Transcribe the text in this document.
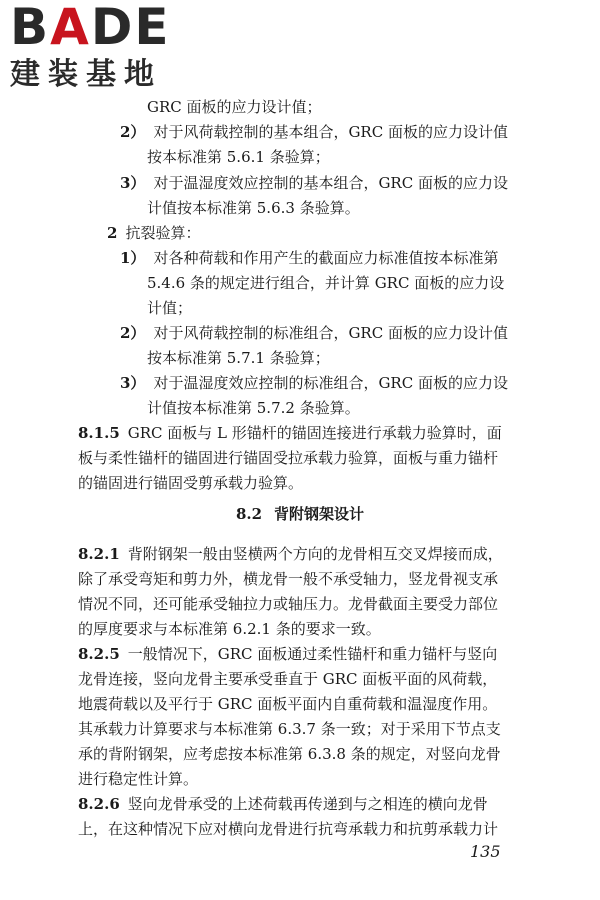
BADE
建装基地
GRC 面板的应力设计值；
2） 对于风荷载控制的基本组合，GRC 面板的应力设计值
按本标准第 5.6.1 条验算；
3） 对于温湿度效应控制的基本组合，GRC 面板的应力设
计值按本标准第 5.6.3 条验算。
2 抗裂验算：
1） 对各种荷载和作用产生的截面应力标准值按本标准第
5.4.6 条的规定进行组合，并计算 GRC 面板的应力设
计值；
2） 对于风荷载控制的标准组合，GRC 面板的应力设计值
按本标准第 5.7.1 条验算；
3） 对于温湿度效应控制的标准组合，GRC 面板的应力设
计值按本标准第 5.7.2 条验算。
8.1.5 GRC 面板与 L 形锚杆的锚固连接进行承载力验算时，面
板与柔性锚杆的锚固进行锚固受拉承载力验算，面板与重力锚杆
的锚固进行锚固受剪承载力验算。
8.2 背附钢架设计
8.2.1 背附钢架一般由竖横两个方向的龙骨相互交叉焊接而成，
除了承受弯矩和剪力外，横龙骨一般不承受轴力，竖龙骨视支承
情况不同，还可能承受轴拉力或轴压力。龙骨截面主要受力部位
的厚度要求与本标准第 6.2.1 条的要求一致。
8.2.5 一般情况下，GRC 面板通过柔性锚杆和重力锚杆与竖向
龙骨连接，竖向龙骨主要承受垂直于 GRC 面板平面的风荷载，
地震荷载以及平行于 GRC 面板平面内自重荷载和温湿度作用。
其承载力计算要求与本标准第 6.3.7 条一致；对于采用下节点支
承的背附钢架，应考虑按本标准第 6.3.8 条的规定，对竖向龙骨
进行稳定性计算。
8.2.6 竖向龙骨承受的上述荷载再传递到与之相连的横向龙骨
上，在这种情况下应对横向龙骨进行抗弯承载力和抗剪承载力计
135
